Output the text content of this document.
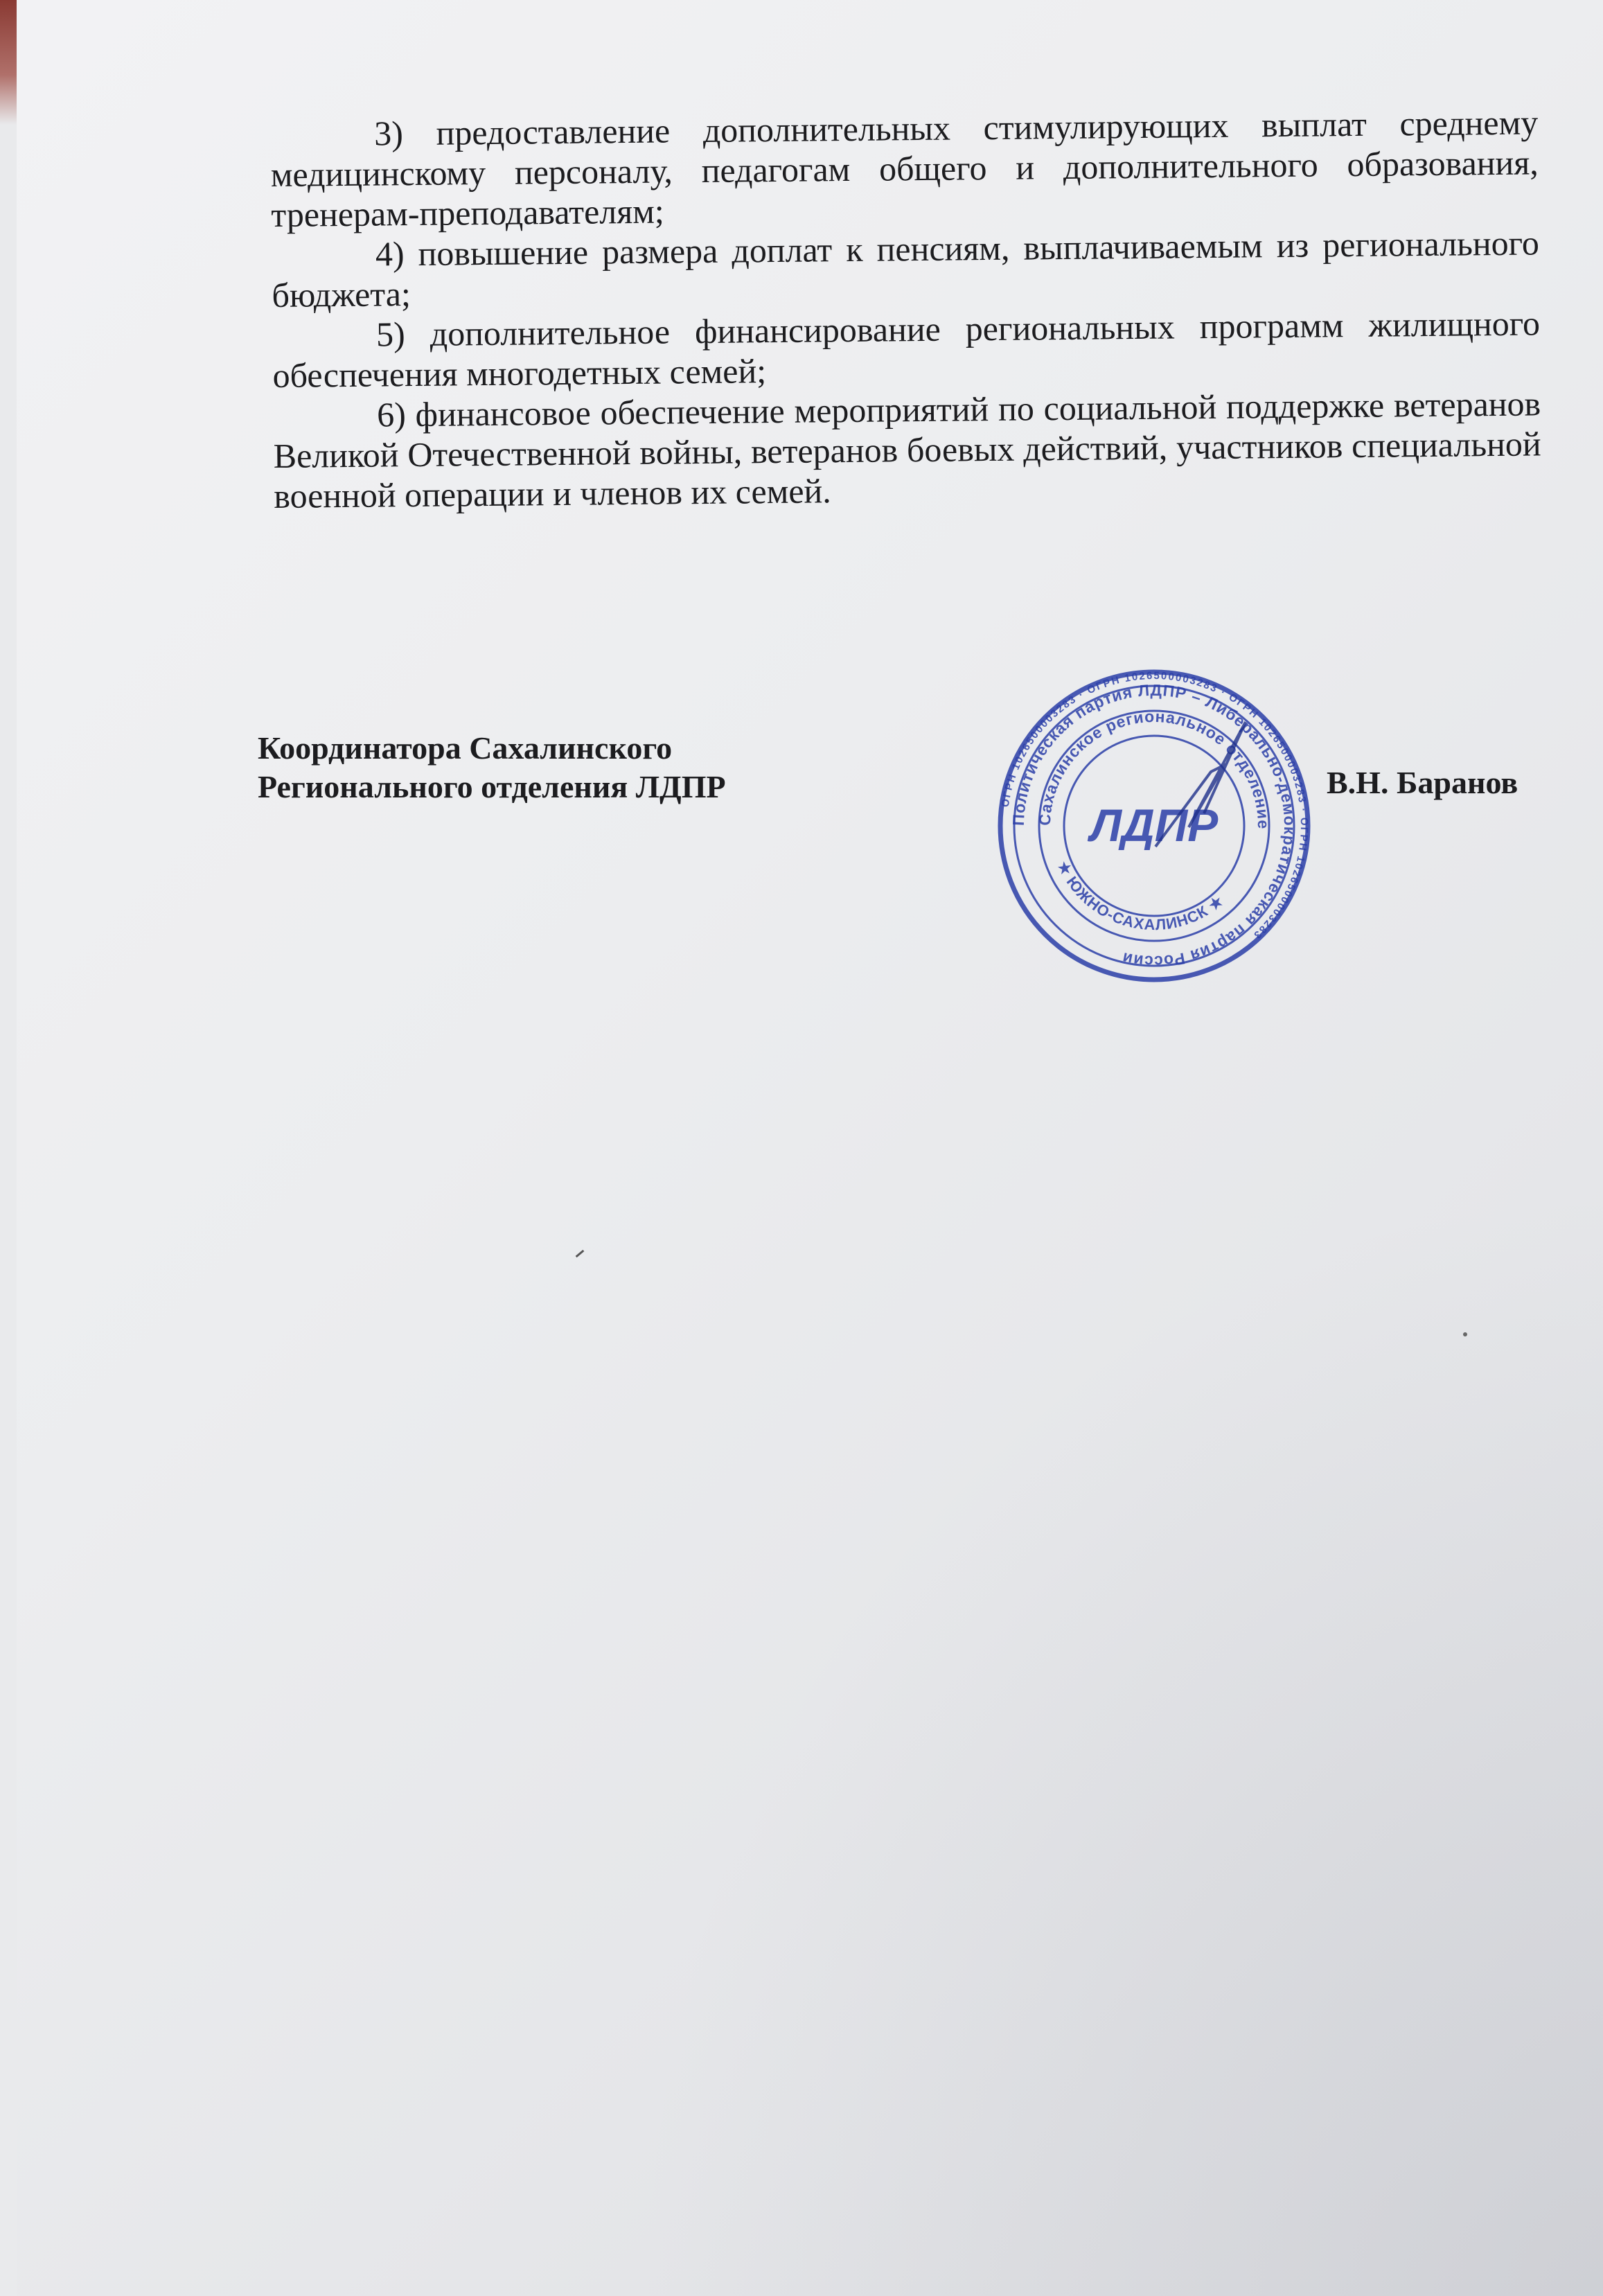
3) предоставление дополнительных стимулирующих выплат среднему медицинскому персоналу, педагогам общего и дополнительного образования, тренерам-преподавателям;

4) повышение размера доплат к пенсиям, выплачиваемым из регионального бюджета;

5) дополнительное финансирование региональных программ жилищного обеспечения многодетных семей;

6) финансовое обеспечение мероприятий по социальной поддержке ветеранов Великой Отечественной войны, ветеранов боевых действий, участников специальной военной операции и членов их семей.

Координатора Сахалинского
Регионального отделения ЛДПР	В.Н. Баранов
ОГРН 1026500003283 · ОГРН 1026500003283 · ОГРН 1026500003283 · ОГРН 1026500003283
Политическая партия ЛДПР – Либерально-демократическая партия России
Сахалинское региональное отделение
★ ЮЖНО-САХАЛИНСК ★
ЛДПР
